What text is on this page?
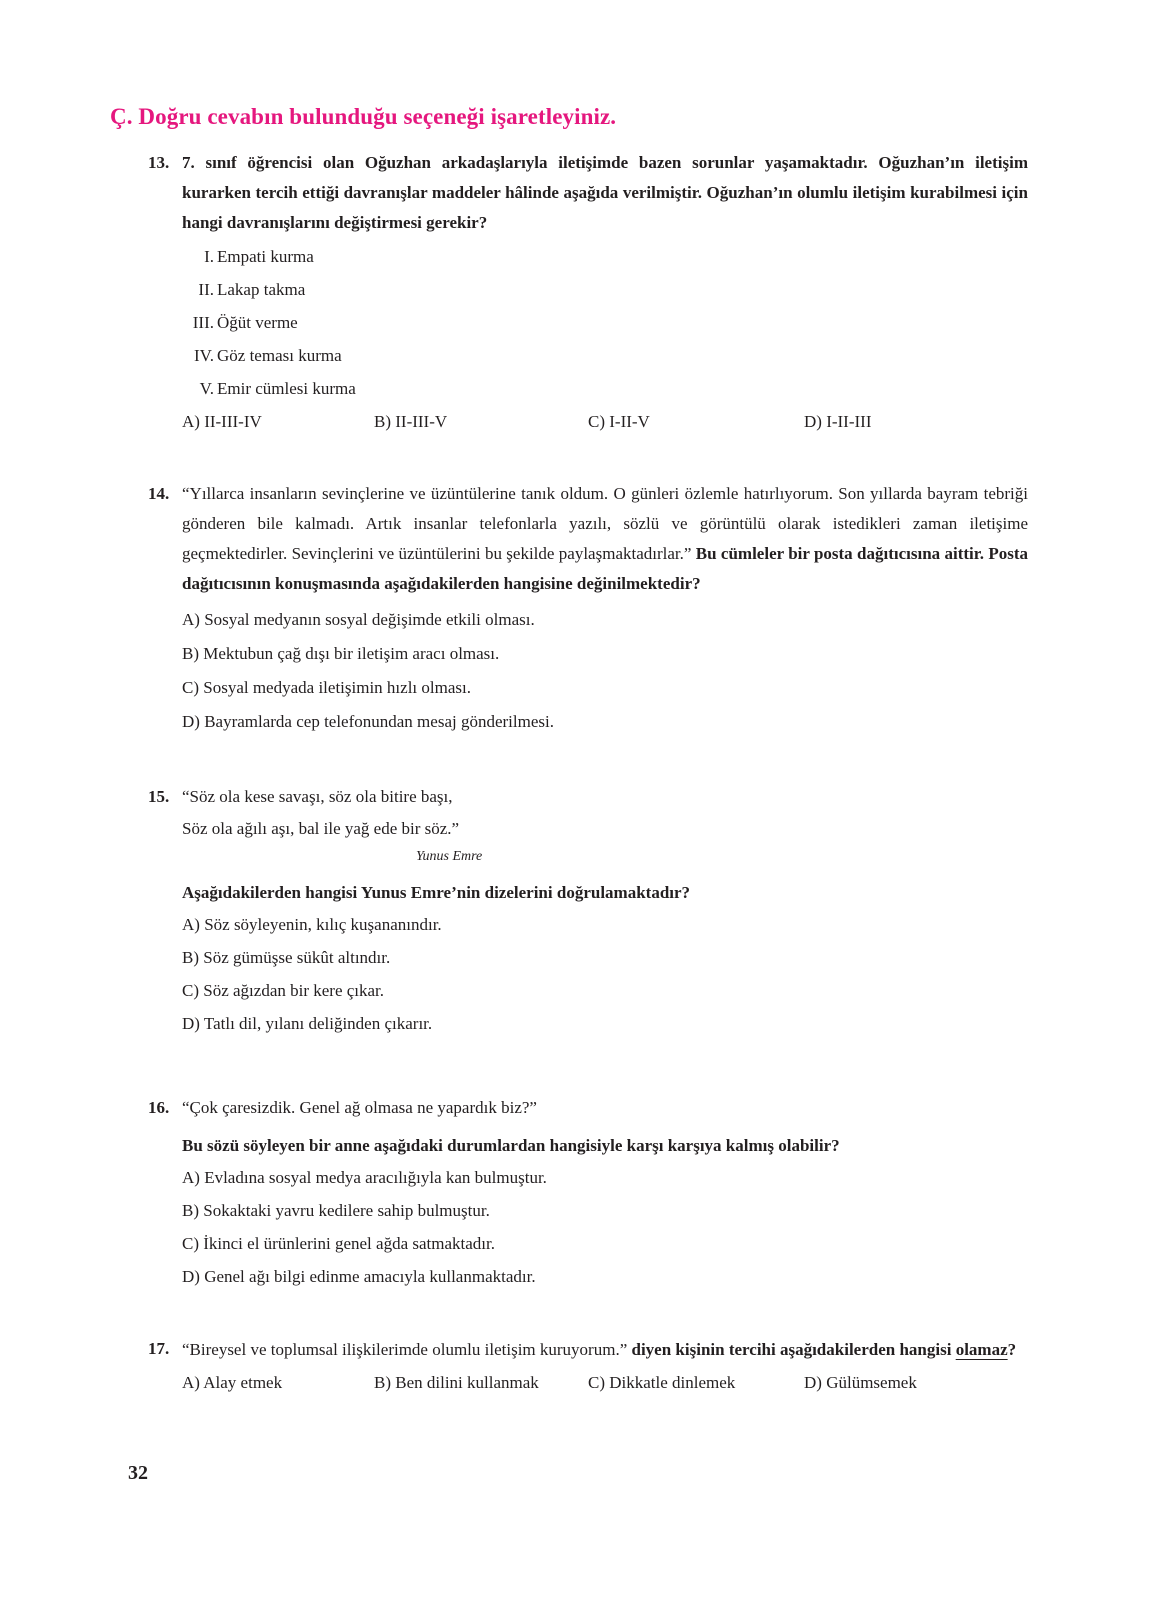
Ç. Doğru cevabın bulunduğu seçeneği işaretleyiniz.
13. 7. sınıf öğrencisi olan Oğuzhan arkadaşlarıyla iletişimde bazen sorunlar yaşamaktadır. Oğuzhan’ın iletişim kurarken tercih ettiği davranışlar maddeler hâlinde aşağıda verilmiştir. Oğuzhan’ın olumlu iletişim kurabilmesi için hangi davranışlarını değiştirmesi gerekir?
I. Empati kurma
II. Lakap takma
III. Öğüt verme
IV. Göz teması kurma
V. Emir cümlesi kurma
A) II-III-IV	B) II-III-V	C) I-II-V	D) I-II-III
14. “Yıllarca insanların sevinçlerine ve üzüntülerine tanık oldum. O günleri özlemle hatırlıyorum. Son yıllarda bayram tebriği gönderen bile kalmadı. Artık insanlar telefonlarla yazılı, sözlü ve görüntülü olarak istedikleri zaman iletişime geçmektedirler. Sevinçlerini ve üzüntülerini bu şekilde paylaşmaktadırlar.” Bu cümleler bir posta dağıtıcısına aittir. Posta dağıtıcısının konuşmasında aşağıdakilerden hangisine değinilmektedir?
A) Sosyal medyanın sosyal değişimde etkili olması.
B) Mektubun çağ dışı bir iletişim aracı olması.
C) Sosyal medyada iletişimin hızlı olması.
D) Bayramlarda cep telefonundan mesaj gönderilmesi.
15. “Söz ola kese savaşı, söz ola bitire başı,
Söz ola ağılı aşı, bal ile yağ ede bir söz.”
Yunus Emre
Aşağıdakilerden hangisi Yunus Emre’nin dizelerini doğrulamaktadır?
A) Söz söyleyenin, kılıç kuşananındır.
B) Söz gümüşse sükût altındır.
C) Söz ağızdan bir kere çıkar.
D) Tatlı dil, yılanı deliğinden çıkarır.
16. “Çok çaresizdik. Genel ağ olmasa ne yapardık biz?”
Bu sözü söyleyen bir anne aşağıdaki durumlardan hangisiyle karşı karşıya kalmış olabilir?
A) Evladına sosyal medya aracılığıyla kan bulmuştur.
B) Sokaktaki yavru kedilere sahip bulmuştur.
C) İkinci el ürünlerini genel ağda satmaktadır.
D) Genel ağı bilgi edinme amacıyla kullanmaktadır.
17. “Bireysel ve toplumsal ilişkilerimde olumlu iletişim kuruyorum.” diyen kişinin tercihi aşağıdakilerden hangisi olamaz?
A) Alay etmek	B) Ben dilini kullanmak	C) Dikkatle dinlemek	D) Gülümsemek
32
